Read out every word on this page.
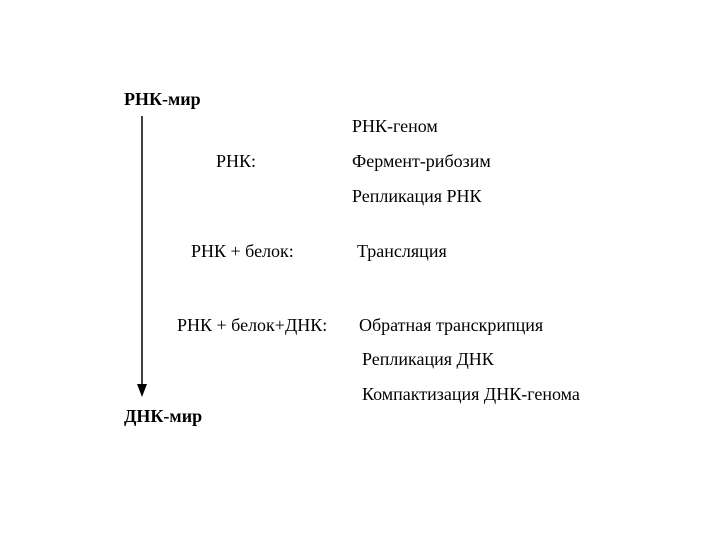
РНК-мир
ДНК-мир
РНК:
РНК-геном
Фермент-рибозим
Репликация РНК
РНК + белок:	Трансляция
РНК + белок+ДНК: Обратная транскрипция
Репликация ДНК
Компактизация ДНК-генома
